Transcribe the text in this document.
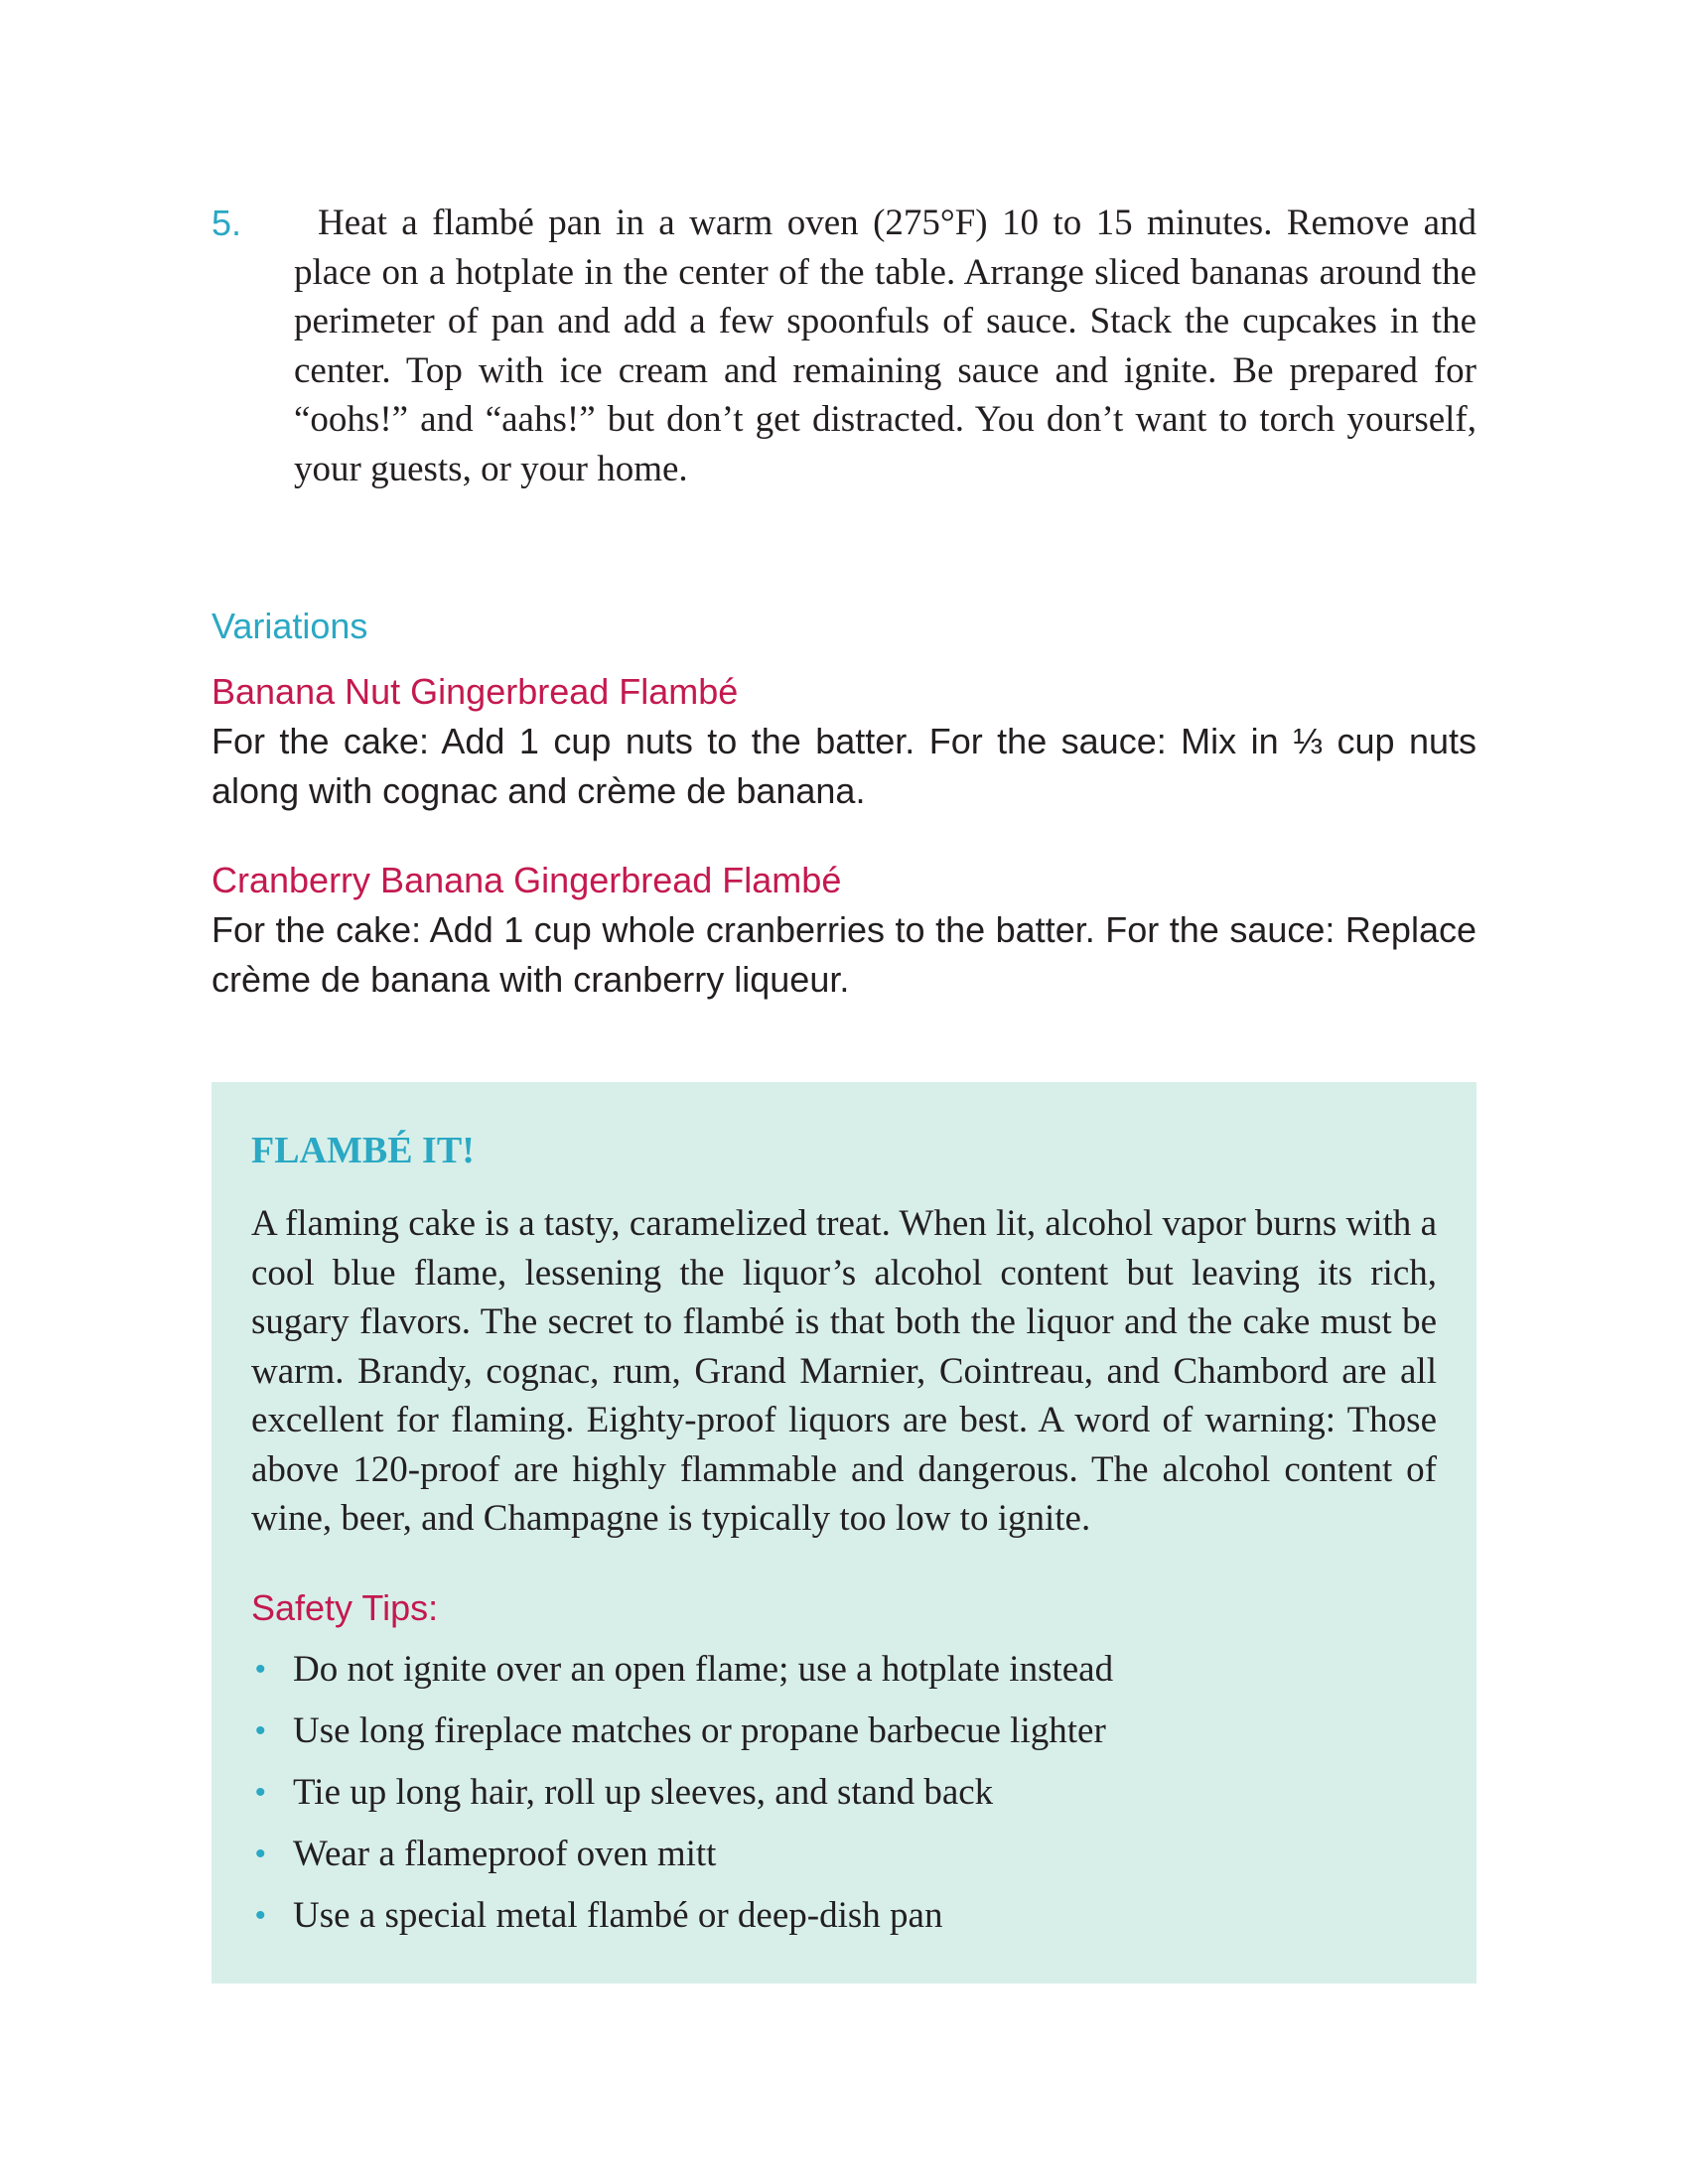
5.	Heat a flambé pan in a warm oven (275°F) 10 to 15 minutes. Remove and place on a hotplate in the center of the table. Arrange sliced bananas around the perimeter of pan and add a few spoonfuls of sauce. Stack the cupcakes in the center. Top with ice cream and remaining sauce and ignite. Be prepared for “oohs!” and “aahs!” but don’t get distracted. You don’t want to torch yourself, your guests, or your home.

Variations
Banana Nut Gingerbread Flambé

For the cake: Add 1 cup nuts to the batter. For the sauce: Mix in ⅓ cup nuts along with cognac and crème de banana.

Cranberry Banana Gingerbread Flambé

For the cake: Add 1 cup whole cranberries to the batter. For the sauce: Replace crème de banana with cranberry liqueur.

FLAMBÉ IT!

A flaming cake is a tasty, caramelized treat. When lit, alcohol vapor burns with a cool blue flame, lessening the liquor’s alcohol content but leaving its rich, sugary flavors. The secret to flambé is that both the liquor and the cake must be warm. Brandy, cognac, rum, Grand Marnier, Cointreau, and Chambord are all excellent for flaming. Eighty-proof liquors are best. A word of warning: Those above 120-proof are highly flammable and dangerous. The alcohol content of wine, beer, and Champagne is typically too low to ignite.

Safety Tips:
• Do not ignite over an open flame; use a hotplate instead
• Use long fireplace matches or propane barbecue lighter
• Tie up long hair, roll up sleeves, and stand back
• Wear a flameproof oven mitt
• Use a special metal flambé or deep-dish pan
